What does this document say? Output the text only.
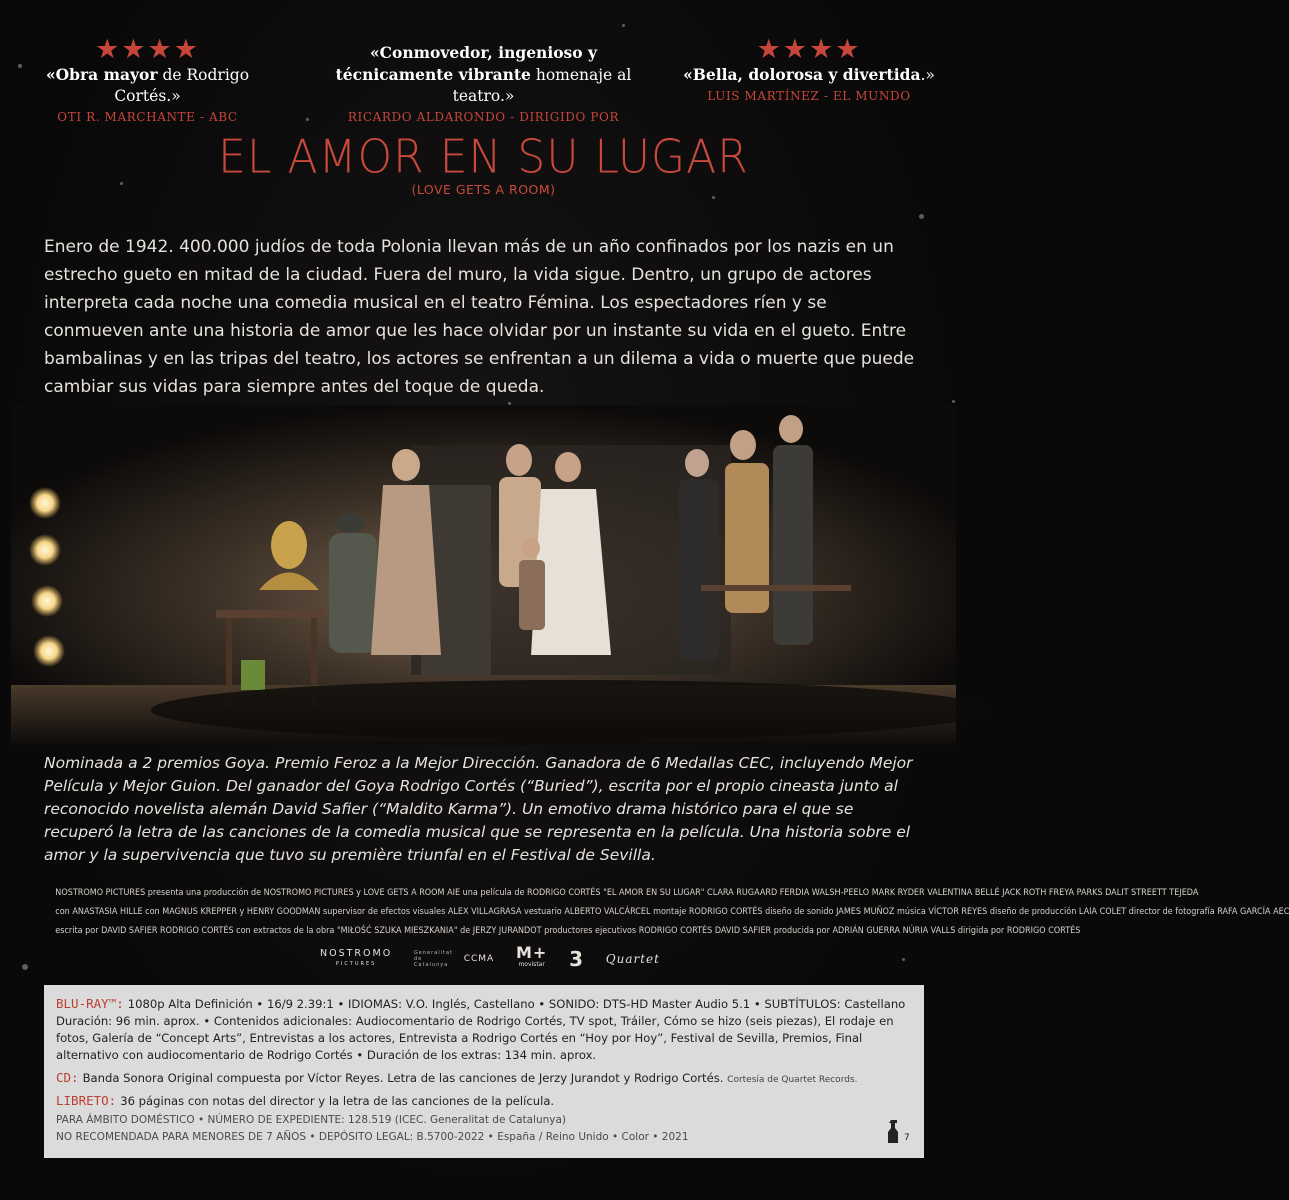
★★★★
«Obra mayor de Rodrigo Cortés.»
OTI R. MARCHANTE - ABC
«Conmovedor, ingenioso y técnicamente vibrante homenaje al teatro.»
RICARDO ALDARONDO - DIRIGIDO POR
★★★★
«Bella, dolorosa y divertida.»
LUIS MARTÍNEZ - EL MUNDO
EL AMOR EN SU LUGAR
(LOVE GETS A ROOM)

Enero de 1942. 400.000 judíos de toda Polonia llevan más de un año confinados por los nazis en un estrecho gueto en mitad de la ciudad. Fuera del muro, la vida sigue. Dentro, un grupo de actores interpreta cada noche una comedia musical en el teatro Fémina. Los espectadores ríen y se conmueven ante una historia de amor que les hace olvidar por un instante su vida en el gueto. Entre bambalinas y en las tripas del teatro, los actores se enfrentan a un dilema a vida o muerte que puede cambiar sus vidas para siempre antes del toque de queda.

Nominada a 2 premios Goya. Premio Feroz a la Mejor Dirección. Ganadora de 6 Medallas CEC, incluyendo Mejor Película y Mejor Guion. Del ganador del Goya Rodrigo Cortés (“Buried”), escrita por el propio cineasta junto al reconocido novelista alemán David Safier (“Maldito Karma”). Un emotivo drama histórico para el que se recuperó la letra de las canciones de la comedia musical que se representa en la película. Una historia sobre el amor y la supervivencia que tuvo su première triunfal en el Festival de Sevilla.

NOSTROMO PICTURES presenta una producción de NOSTROMO PICTURES y LOVE GETS A ROOM AIE una película de RODRIGO CORTÉS "EL AMOR EN SU LUGAR" CLARA RUGAARD FERDIA WALSH-PEELO MARK RYDER VALENTINA BELLÉ JACK ROTH FREYA PARKS DALIT STREETT TEJEDA
con ANASTASIA HILLE con MAGNUS KREPPER y HENRY GOODMAN supervisor de efectos visuales ALEX VILLAGRASA vestuario ALBERTO VALCÁRCEL montaje RODRIGO CORTÉS diseño de sonido JAMES MUÑOZ música VÍCTOR REYES diseño de producción LAIA COLET director de fotografía RAFA GARCÍA AEC
escrita por DAVID SAFIER RODRIGO CORTÉS con extractos de la obra "MIŁOŚĆ SZUKA MIESZKANIA" de JERZY JURANDOT productores ejecutivos RODRIGO CORTÉS DAVID SAFIER producida por ADRIÁN GUERRA NÚRIA VALLS dirigida por RODRIGO CORTÉS
NOSTROMO
PICTURES
Generalitat de Catalunya
CCMA M+
movistar 3 Quartet

BLU-RAY™: 1080p Alta Definición • 16/9 2.39:1 • IDIOMAS: V.O. Inglés, Castellano • SONIDO: DTS-HD Master Audio 5.1 • SUBTÍTULOS: Castellano Duración: 96 min. aprox. • Contenidos adicionales: Audiocomentario de Rodrigo Cortés, TV spot, Tráiler, Cómo se hizo (seis piezas), El rodaje en fotos, Galería de “Concept Arts”, Entrevistas a los actores, Entrevista a Rodrigo Cortés en “Hoy por Hoy”, Festival de Sevilla, Premios, Final alternativo con audiocomentario de Rodrigo Cortés • Duración de los extras: 134 min. aprox.

CD: Banda Sonora Original compuesta por Víctor Reyes. Letra de las canciones de Jerzy Jurandot y Rodrigo Cortés. Cortesía de Quartet Records.

LIBRETO: 36 páginas con notas del director y la letra de las canciones de la película.

PARA ÁMBITO DOMÉSTICO • NÚMERO DE EXPEDIENTE: 128.519 (ICEC. Generalitat de Catalunya)
NO RECOMENDADA PARA MENORES DE 7 AÑOS • DEPÓSITO LEGAL: B.5700-2022 • España / Reino Unido • Color • 2021	7
